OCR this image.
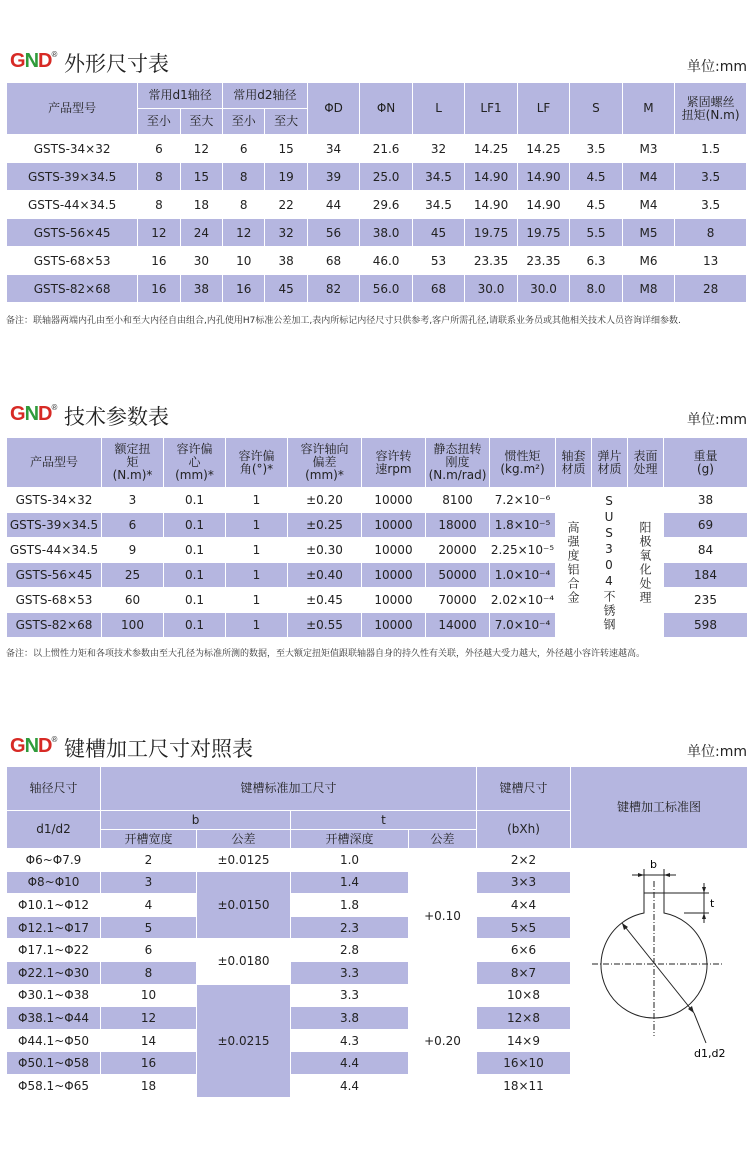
GND® 外形尺寸表	单位:mm
产品型号	常用d1轴径		常用d2轴径		ΦD	ΦN	L	LF1	LF	S	M	紧固螺丝扭矩(N.m)
	至小	至大	至小	至大								
GSTS-34×32	6	12	6	15	34	21.6	32	14.25	14.25	3.5	M3	1.5
GSTS-39×34.5	8	15	8	19	39	25.0	34.5	14.90	14.90	4.5	M4	3.5
GSTS-44×34.5	8	18	8	22	44	29.6	34.5	14.90	14.90	4.5	M4	3.5
GSTS-56×45	12	24	12	32	56	38.0	45	19.75	19.75	5.5	M5	8
GSTS-68×53	16	30	10	38	68	46.0	53	23.35	23.35	6.3	M6	13
GSTS-82×68	16	38	16	45	82	56.0	68	30.0	30.0	8.0	M8	28
备注：联轴器两端内孔由至小和至大内径自由组合,内孔使用H7标准公差加工,表内所标记内径尺寸只供参考,客户所需孔径,请联系业务员或其他相关技术人员咨询详细参数.
GND® 技术参数表	单位:mm
产品型号	额定扭矩(N.m)*	容许偏心(mm)*	容许偏角(°)*	容许轴向偏差(mm)*	容许转速rpm	静态扭转刚度(N.m/rad)	惯性矩(kg.m²)	轴套材质	弹片材质	表面处理	重量(g)
GSTS-34×32	3	0.1	1	±0.20	10000	8100	7.2×10⁻⁶	高强度铝合金	SUS304不锈钢	阳极氧化处理	38
GSTS-39×34.5	6	0.1	1	±0.25	10000	18000	1.8×10⁻⁵				69
GSTS-44×34.5	9	0.1	1	±0.30	10000	20000	2.25×10⁻⁵				84
GSTS-56×45	25	0.1	1	±0.40	10000	50000	1.0×10⁻⁴				184
GSTS-68×53	60	0.1	1	±0.45	10000	70000	2.02×10⁻⁴				235
GSTS-82×68	100	0.1	1	±0.55	10000	14000	7.0×10⁻⁴				598
备注：以上惯性力矩和各项技术参数由至大孔径为标准所测的数据，至大额定扭矩值跟联轴器自身的持久性有关联，外径越大受力越大，外径越小容许转速越高。
GND® 键槽加工尺寸对照表	单位:mm
轴径尺寸	键槽标准加工尺寸				键槽尺寸	键槽加工标准图

d1/d2	b		t		(bXh)	
	开槽宽度	公差	开槽深度	公差		

Φ6~Φ7.9	2	±0.0125	1.0	+0.10	2×2	b
t
d1,d2

Φ8~Φ10	3	±0.0150	1.4		3×3	
Φ10.1~Φ12	4		1.8		4×4	
Φ12.1~Φ17	5		2.3		5×5	
Φ17.1~Φ22	6	±0.0180	2.8		6×6	
Φ22.1~Φ30	8		3.3		8×7	
Φ30.1~Φ38	10	±0.0215	3.3	+0.20	10×8	
Φ38.1~Φ44	12		3.8		12×8	
Φ44.1~Φ50	14		4.3		14×9	
Φ50.1~Φ58	16		4.4		16×10	
Φ58.1~Φ65	18		4.4		18×11	
